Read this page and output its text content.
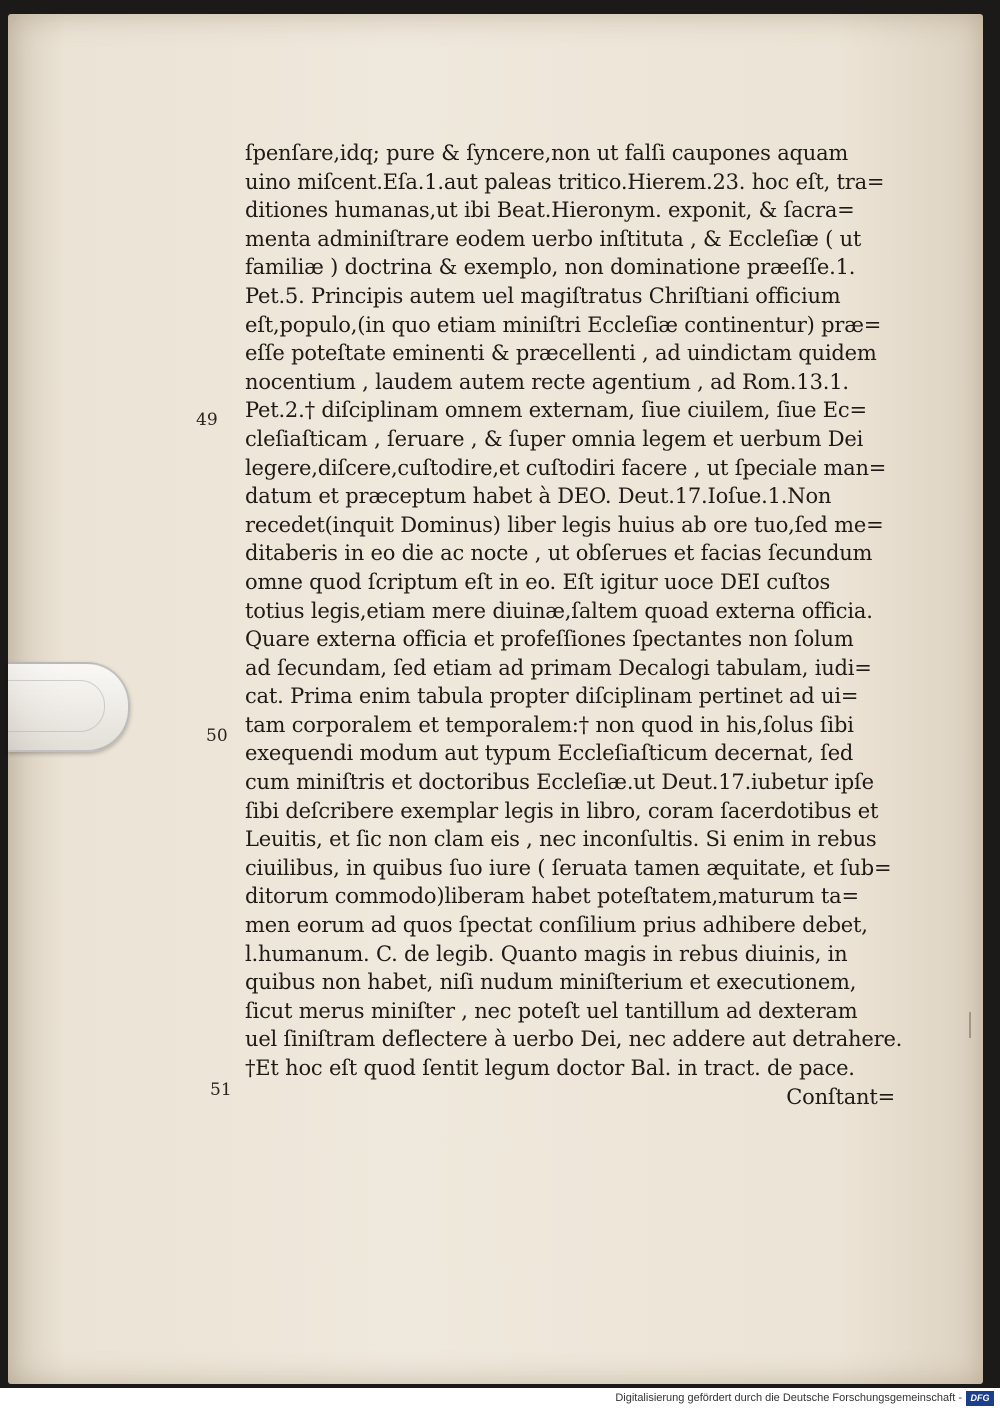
ſpenſare,idq; pure & ſyncere,non ut falſi caupones aquam
uino miſcent.Eſa.1.aut paleas tritico.Hierem.23. hoc eſt, tra=
ditiones humanas,ut ibi Beat.Hieronym. exponit, & ſacra=
menta adminiſtrare eodem uerbo inſtituta , & Eccleſiæ ( ut
familiæ ) doctrina & exemplo, non dominatione præeſſe.1.
Pet.5. Principis autem uel magiſtratus Chriſtiani officium
eſt,populo,(in quo etiam miniſtri Eccleſiæ continentur) præ=
eſſe poteſtate eminenti & præcellenti , ad uindictam quidem
nocentium , laudem autem recte agentium , ad Rom.13.1.
Pet.2.† diſciplinam omnem externam, ſiue ciuilem, ſiue Ec=
cleſiaſticam , ſeruare , & ſuper omnia legem et uerbum Dei
legere,diſcere,cuſtodire,et cuſtodiri facere , ut ſpeciale man=
datum et præceptum habet à DEO. Deut.17.Ioſue.1.Non
recedet(inquit Dominus) liber legis huius ab ore tuo,ſed me=
ditaberis in eo die ac nocte , ut obſerues et facias ſecundum
omne quod ſcriptum eſt in eo. Eſt igitur uoce DEI cuſtos
totius legis,etiam mere diuinæ,ſaltem quoad externa officia.
Quare externa officia et profeſſiones ſpectantes non ſolum
ad ſecundam, ſed etiam ad primam Decalogi tabulam, iudi=
cat. Prima enim tabula propter diſciplinam pertinet ad ui=
tam corporalem et temporalem:† non quod in his,ſolus ſibi
exequendi modum aut typum Eccleſiaſticum decernat, ſed
cum miniſtris et doctoribus Eccleſiæ.ut Deut.17.iubetur ipſe
ſibi deſcribere exemplar legis in libro, coram ſacerdotibus et
Leuitis, et ſic non clam eis , nec inconſultis. Si enim in rebus
ciuilibus, in quibus ſuo iure ( ſeruata tamen æquitate, et ſub=
ditorum commodo)liberam habet poteſtatem,maturum ta=
men eorum ad quos ſpectat conſilium prius adhibere debet,
l.humanum. C. de legib. Quanto magis in rebus diuinis, in
quibus non habet, niſi nudum miniſterium et executionem,
ſicut merus miniſter , nec poteſt uel tantillum ad dexteram
uel ſiniſtram deflectere à uerbo Dei, nec addere aut detrahere.
†Et hoc eſt quod ſentit legum doctor Bal. in tract. de pace.
Conſtant=
49
50
51
Digitalisierung gefördert durch die Deutsche Forschungsgemeinschaft - DFG
